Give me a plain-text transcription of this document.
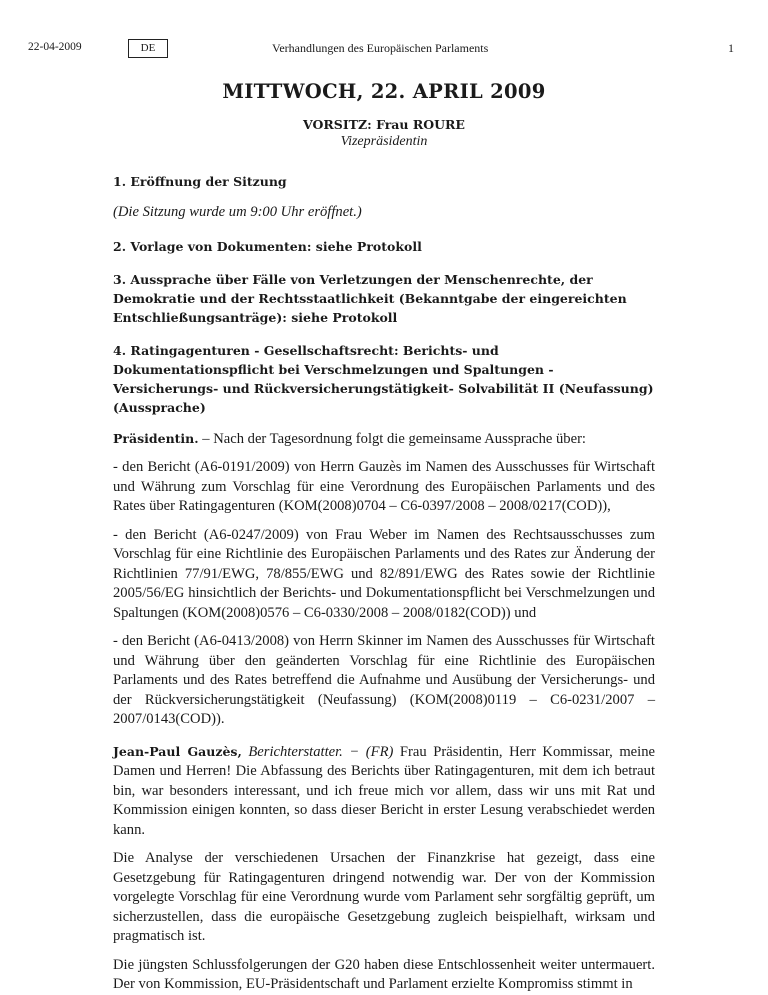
22-04-2009	DE	Verhandlungen des Europäischen Parlaments	1
MITTWOCH, 22. APRIL 2009
VORSITZ: Frau ROURE
Vizepräsidentin
1. Eröffnung der Sitzung

(Die Sitzung wurde um 9:00 Uhr eröffnet.)

2. Vorlage von Dokumenten: siehe Protokoll
3. Aussprache über Fälle von Verletzungen der Menschenrechte, der Demokratie und der Rechtsstaatlichkeit (Bekanntgabe der eingereichten Entschließungsanträge): siehe Protokoll
4. Ratingagenturen - Gesellschaftsrecht: Berichts- und Dokumentationspflicht bei Verschmelzungen und Spaltungen - Versicherungs- und Rückversicherungstätigkeit- Solvabilität II (Neufassung) (Aussprache)

Präsidentin. – Nach der Tagesordnung folgt die gemeinsame Aussprache über:

- den Bericht (A6-0191/2009) von Herrn Gauzès im Namen des Ausschusses für Wirtschaft und Währung zum Vorschlag für eine Verordnung des Europäischen Parlaments und des Rates über Ratingagenturen (KOM(2008)0704 – C6-0397/2008 – 2008/0217(COD)),

- den Bericht (A6-0247/2009) von Frau Weber im Namen des Rechtsausschusses zum Vorschlag für eine Richtlinie des Europäischen Parlaments und des Rates zur Änderung der Richtlinien 77/91/EWG, 78/855/EWG und 82/891/EWG des Rates sowie der Richtlinie 2005/56/EG hinsichtlich der Berichts- und Dokumentationspflicht bei Verschmelzungen und Spaltungen (KOM(2008)0576 – C6-0330/2008 – 2008/0182(COD)) und

- den Bericht (A6-0413/2008) von Herrn Skinner im Namen des Ausschusses für Wirtschaft und Währung über den geänderten Vorschlag für eine Richtlinie des Europäischen Parlaments und des Rates betreffend die Aufnahme und Ausübung der Versicherungs- und der Rückversicherungstätigkeit (Neufassung) (KOM(2008)0119 – C6-0231/2007 – 2007/0143(COD)).

Jean-Paul Gauzès, Berichterstatter. − (FR) Frau Präsidentin, Herr Kommissar, meine Damen und Herren! Die Abfassung des Berichts über Ratingagenturen, mit dem ich betraut bin, war besonders interessant, und ich freue mich vor allem, dass wir uns mit Rat und Kommission einigen konnten, so dass dieser Bericht in erster Lesung verabschiedet werden kann.

Die Analyse der verschiedenen Ursachen der Finanzkrise hat gezeigt, dass eine Gesetzgebung für Ratingagenturen dringend notwendig war. Der von der Kommission vorgelegte Vorschlag für eine Verordnung wurde vom Parlament sehr sorgfältig geprüft, um sicherzustellen, dass die europäische Gesetzgebung zugleich beispielhaft, wirksam und pragmatisch ist.

Die jüngsten Schlussfolgerungen der G20 haben diese Entschlossenheit weiter untermauert. Der von Kommission, EU-Präsidentschaft und Parlament erzielte Kompromiss stimmt in
